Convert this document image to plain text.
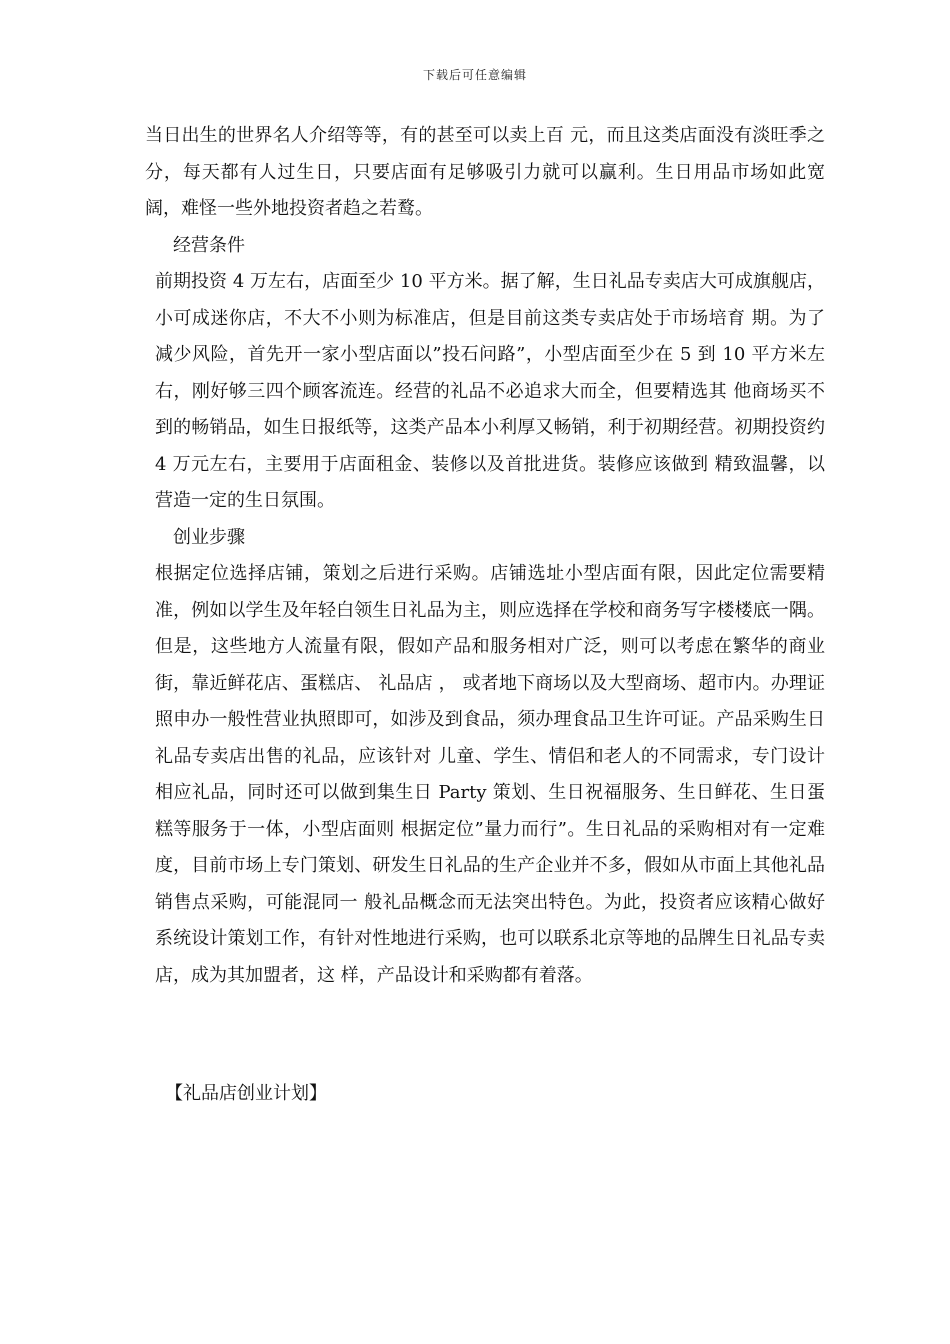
下载后可任意编辑

当日出生的世界名人介绍等等，有的甚至可以卖上百 元，而且这类店面没有淡旺季之分，每天都有人过生日，只要店面有足够吸引力就可以赢利。生日用品市场如此宽阔，难怪一些外地投资者趋之若鹜。

经营条件

前期投资 4 万左右，店面至少 10 平方米。据了解，生日礼品专卖店大可成旗舰店，小可成迷你店，不大不小则为标准店，但是目前这类专卖店处于市场培育 期。为了减少风险，首先开一家小型店面以”投石问路”，小型店面至少在 5 到 10 平方米左右，刚好够三四个顾客流连。经营的礼品不必追求大而全，但要精选其 他商场买不到的畅销品，如生日报纸等，这类产品本小利厚又畅销，利于初期经营。初期投资约 4 万元左右，主要用于店面租金、装修以及首批进货。装修应该做到 精致温馨，以营造一定的生日氛围。

创业步骤

根据定位选择店铺，策划之后进行采购。店铺选址小型店面有限，因此定位需要精准，例如以学生及年轻白领生日礼品为主，则应选择在学校和商务写字楼楼底一隅。但是，这些地方人流量有限，假如产品和服务相对广泛，则可以考虑在繁华的商业街，靠近鲜花店、蛋糕店、 礼品店 ， 或者地下商场以及大型商场、超市内。办理证照申办一般性营业执照即可，如涉及到食品，须办理食品卫生许可证。产品采购生日礼品专卖店出售的礼品，应该针对 儿童、学生、情侣和老人的不同需求，专门设计相应礼品，同时还可以做到集生日 Party 策划、生日祝福服务、生日鲜花、生日蛋糕等服务于一体，小型店面则 根据定位”量力而行”。生日礼品的采购相对有一定难度，目前市场上专门策划、研发生日礼品的生产企业并不多，假如从市面上其他礼品销售点采购，可能混同一 般礼品概念而无法突出特色。为此，投资者应该精心做好系统设计策划工作，有针对性地进行采购，也可以联系北京等地的品牌生日礼品专卖店，成为其加盟者，这 样，产品设计和采购都有着落。

【礼品店创业计划】
